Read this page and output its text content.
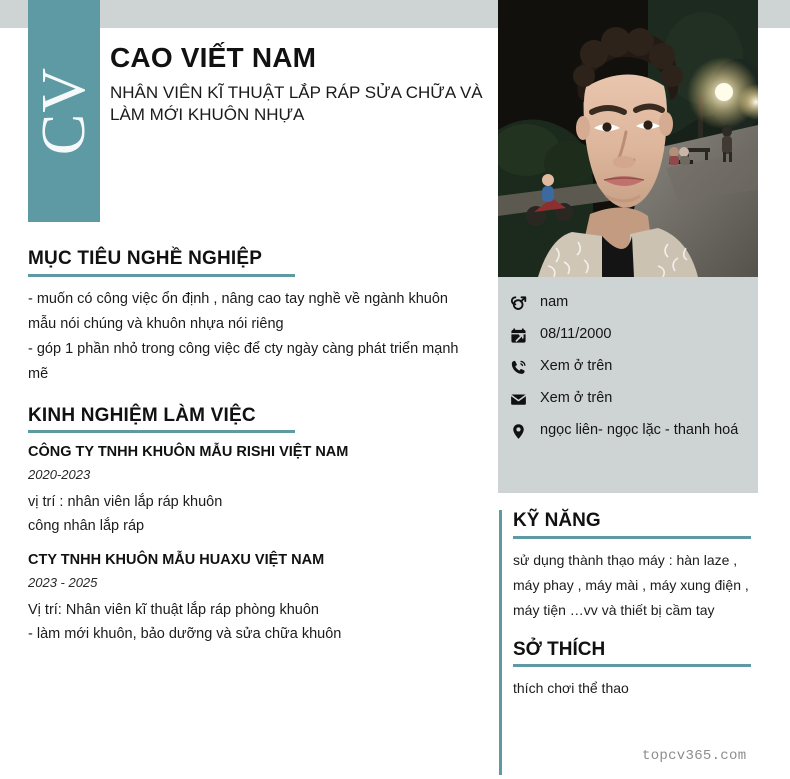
CV
CAO VIẾT NAM
NHÂN VIÊN KĨ THUẬT LẮP RÁP SỬA CHỮA VÀ LÀM MỚI KHUÔN NHỰA
MỤC TIÊU NGHỀ NGHIỆP

- muốn có công việc ổn định , nâng cao tay nghề về ngành khuôn mẫu nói chúng và khuôn nhựa nói riêng

- góp 1 phần nhỏ trong công việc để cty ngày càng phát triển mạnh mẽ

KINH NGHIỆM LÀM VIỆC
CÔNG TY TNHH KHUÔN MẪU RISHI VIỆT NAM
2020-2023

vị trí : nhân viên lắp ráp khuôn

công nhân lắp ráp

CTY TNHH KHUÔN MẪU HUAXU VIỆT NAM
2023 - 2025

Vị trí: Nhân viên kĩ thuật lắp ráp phòng khuôn

- làm mới khuôn, bảo dưỡng và sửa chữa khuôn

nam
08/11/2000
Xem ở trên
Xem ở trên
ngọc liên- ngọc lặc - thanh hoá
KỸ NĂNG

sử dụng thành thạo máy : hàn laze , máy phay , máy mài , máy xung điện , máy tiện …vv và thiết bị cầm tay

SỞ THÍCH

thích chơi thể thao

topcv365.com
